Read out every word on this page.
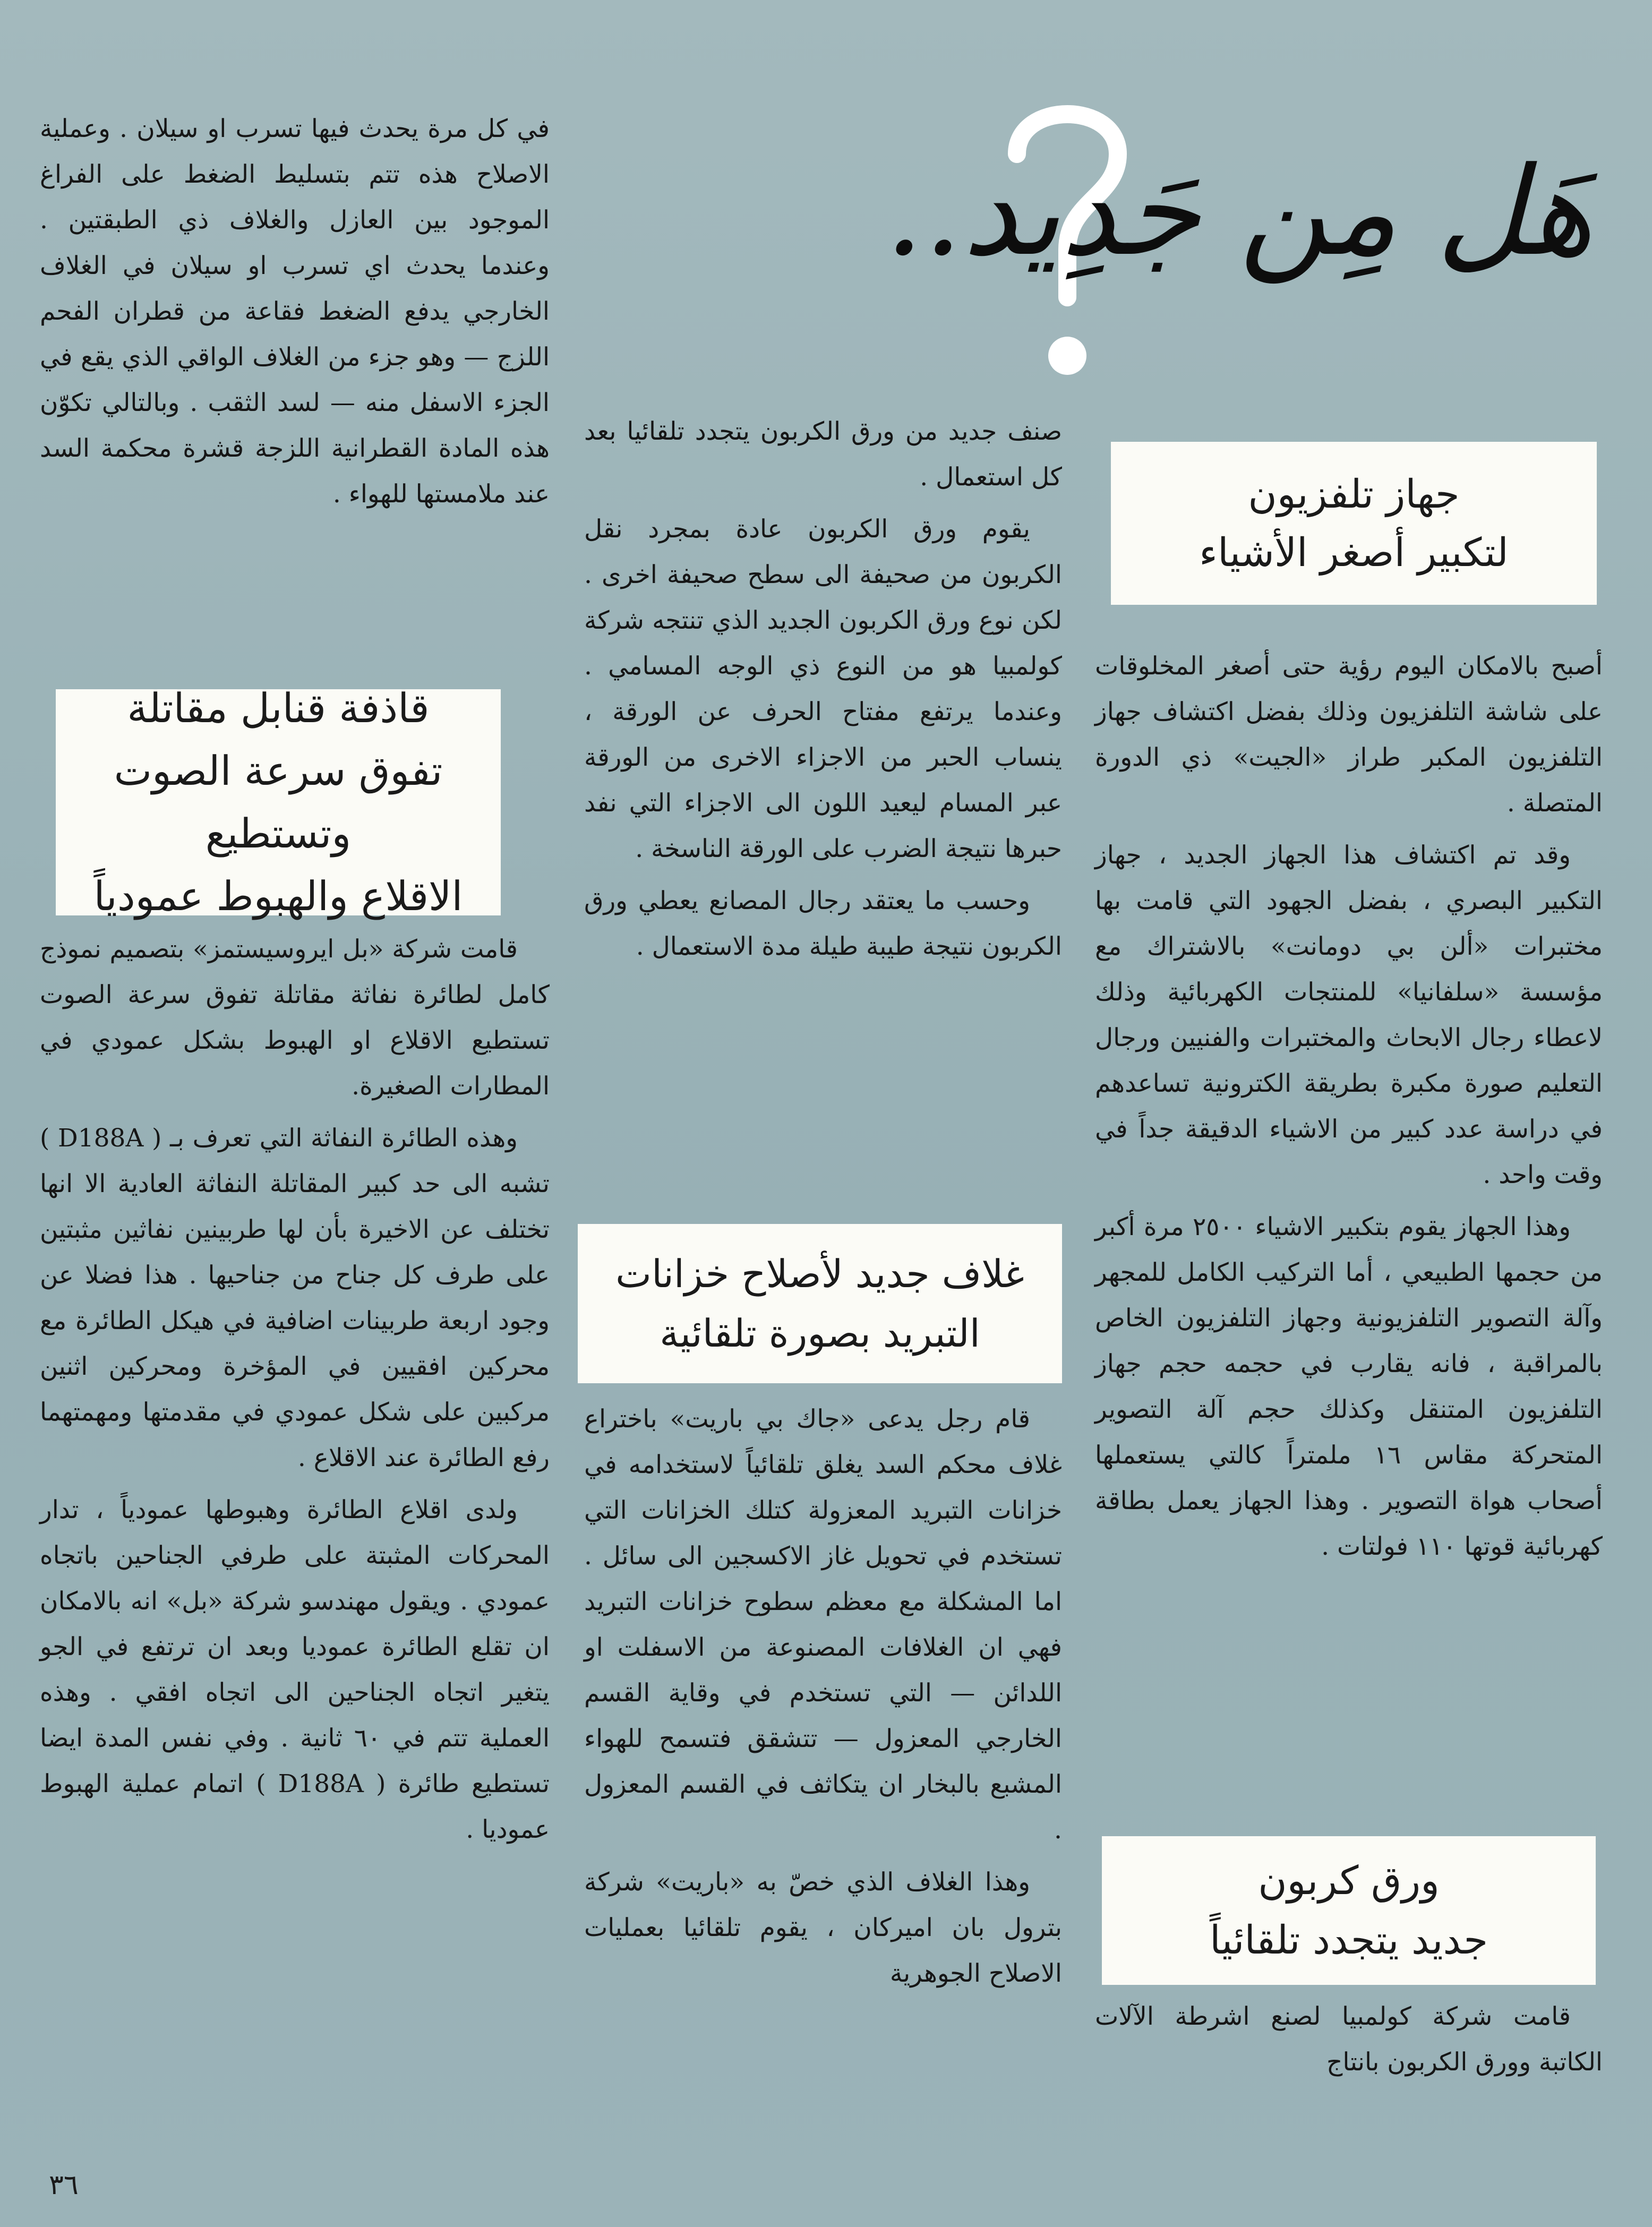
هَل مِن جَدِيد..
جهاز تلفزيون
لتكبير أصغر الأشياء

أصبح بالامكان اليوم رؤية حتى أصغر المخلوقات على شاشة التلفزيون وذلك بفضل اكتشاف جهاز التلفزيون المكبر طراز «الجيت» ذي الدورة المتصلة .

وقد تم اكتشاف هذا الجهاز الجديد ، جهاز التكبير البصري ، بفضل الجهود التي قامت بها مختبرات «ألن بي دومانت» بالاشتراك مع مؤسسة «سلفانيا» للمنتجات الكهربائية وذلك لاعطاء رجال الابحاث والمختبرات والفنيين ورجال التعليم صورة مكبرة بطريقة الكترونية تساعدهم في دراسة عدد كبير من الاشياء الدقيقة جداً في وقت واحد .

وهذا الجهاز يقوم بتكبير الاشياء ٢٥٠٠ مرة أكبر من حجمها الطبيعي ، أما التركيب الكامل للمجهر وآلة التصوير التلفزيونية وجهاز التلفزيون الخاص بالمراقبة ، فانه يقارب في حجمه حجم جهاز التلفزيون المتنقل وكذلك حجم آلة التصوير المتحركة مقاس ١٦ ملمتراً كالتي يستعملها أصحاب هواة التصوير . وهذا الجهاز يعمل بطاقة كهربائية قوتها ١١٠ فولتات .

ورق كربون
جديد يتجدد تلقائياً

قامت شركة كولمبيا لصنع اشرطة الآلات الكاتبة وورق الكربون بانتاج

صنف جديد من ورق الكربون يتجدد تلقائيا بعد كل استعمال .

يقوم ورق الكربون عادة بمجرد نقل الكربون من صحيفة الى سطح صحيفة اخرى . لكن نوع ورق الكربون الجديد الذي تنتجه شركة كولمبيا هو من النوع ذي الوجه المسامي . وعندما يرتفع مفتاح الحرف عن الورقة ، ينساب الحبر من الاجزاء الاخرى من الورقة عبر المسام ليعيد اللون الى الاجزاء التي نفد حبرها نتيجة الضرب على الورقة الناسخة .

وحسب ما يعتقد رجال المصانع يعطي ورق الكربون نتيجة طيبة طيلة مدة الاستعمال .

غلاف جديد لأصلاح خزانات
التبريد بصورة تلقائية

قام رجل يدعى «جاك بي باريت» باختراع غلاف محكم السد يغلق تلقائياً لاستخدامه في خزانات التبريد المعزولة كتلك الخزانات التي تستخدم في تحويل غاز الاكسجين الى سائل . اما المشكلة مع معظم سطوح خزانات التبريد فهي ان الغلافات المصنوعة من الاسفلت او اللدائن — التي تستخدم في وقاية القسم الخارجي المعزول — تتشقق فتسمح للهواء المشبع بالبخار ان يتكاثف في القسم المعزول .

وهذا الغلاف الذي خصّ به «باريت» شركة بترول بان اميركان ، يقوم تلقائيا بعمليات الاصلاح الجوهرية

في كل مرة يحدث فيها تسرب او سيلان . وعملية الاصلاح هذه تتم بتسليط الضغط على الفراغ الموجود بين العازل والغلاف ذي الطبقتين . وعندما يحدث اي تسرب او سيلان في الغلاف الخارجي يدفع الضغط فقاعة من قطران الفحم اللزج — وهو جزء من الغلاف الواقي الذي يقع في الجزء الاسفل منه — لسد الثقب . وبالتالي تكوّن هذه المادة القطرانية اللزجة قشرة محكمة السد عند ملامستها للهواء .

قاذفة قنابل مقاتلة
تفوق سرعة الصوت وتستطيع
الاقلاع والهبوط عمودياً

قامت شركة «بل ايروسيستمز» بتصميم نموذج كامل لطائرة نفاثة مقاتلة تفوق سرعة الصوت تستطيع الاقلاع او الهبوط بشكل عمودي في المطارات الصغيرة.

وهذه الطائرة النفاثة التي تعرف بـ ( D188A ) تشبه الى حد كبير المقاتلة النفاثة العادية الا انها تختلف عن الاخيرة بأن لها طربينين نفاثين مثبتين على طرف كل جناح من جناحيها . هذا فضلا عن وجود اربعة طربينات اضافية في هيكل الطائرة مع محركين افقيين في المؤخرة ومحركين اثنين مركبين على شكل عمودي في مقدمتها ومهمتهما رفع الطائرة عند الاقلاع .

ولدى اقلاع الطائرة وهبوطها عمودياً ، تدار المحركات المثبتة على طرفي الجناحين باتجاه عمودي . ويقول مهندسو شركة «بل» انه بالامكان ان تقلع الطائرة عموديا وبعد ان ترتفع في الجو يتغير اتجاه الجناحين الى اتجاه افقي . وهذه العملية تتم في ٦٠ ثانية . وفي نفس المدة ايضا تستطيع طائرة ( D188A ) اتمام عملية الهبوط عموديا .

٣٦
